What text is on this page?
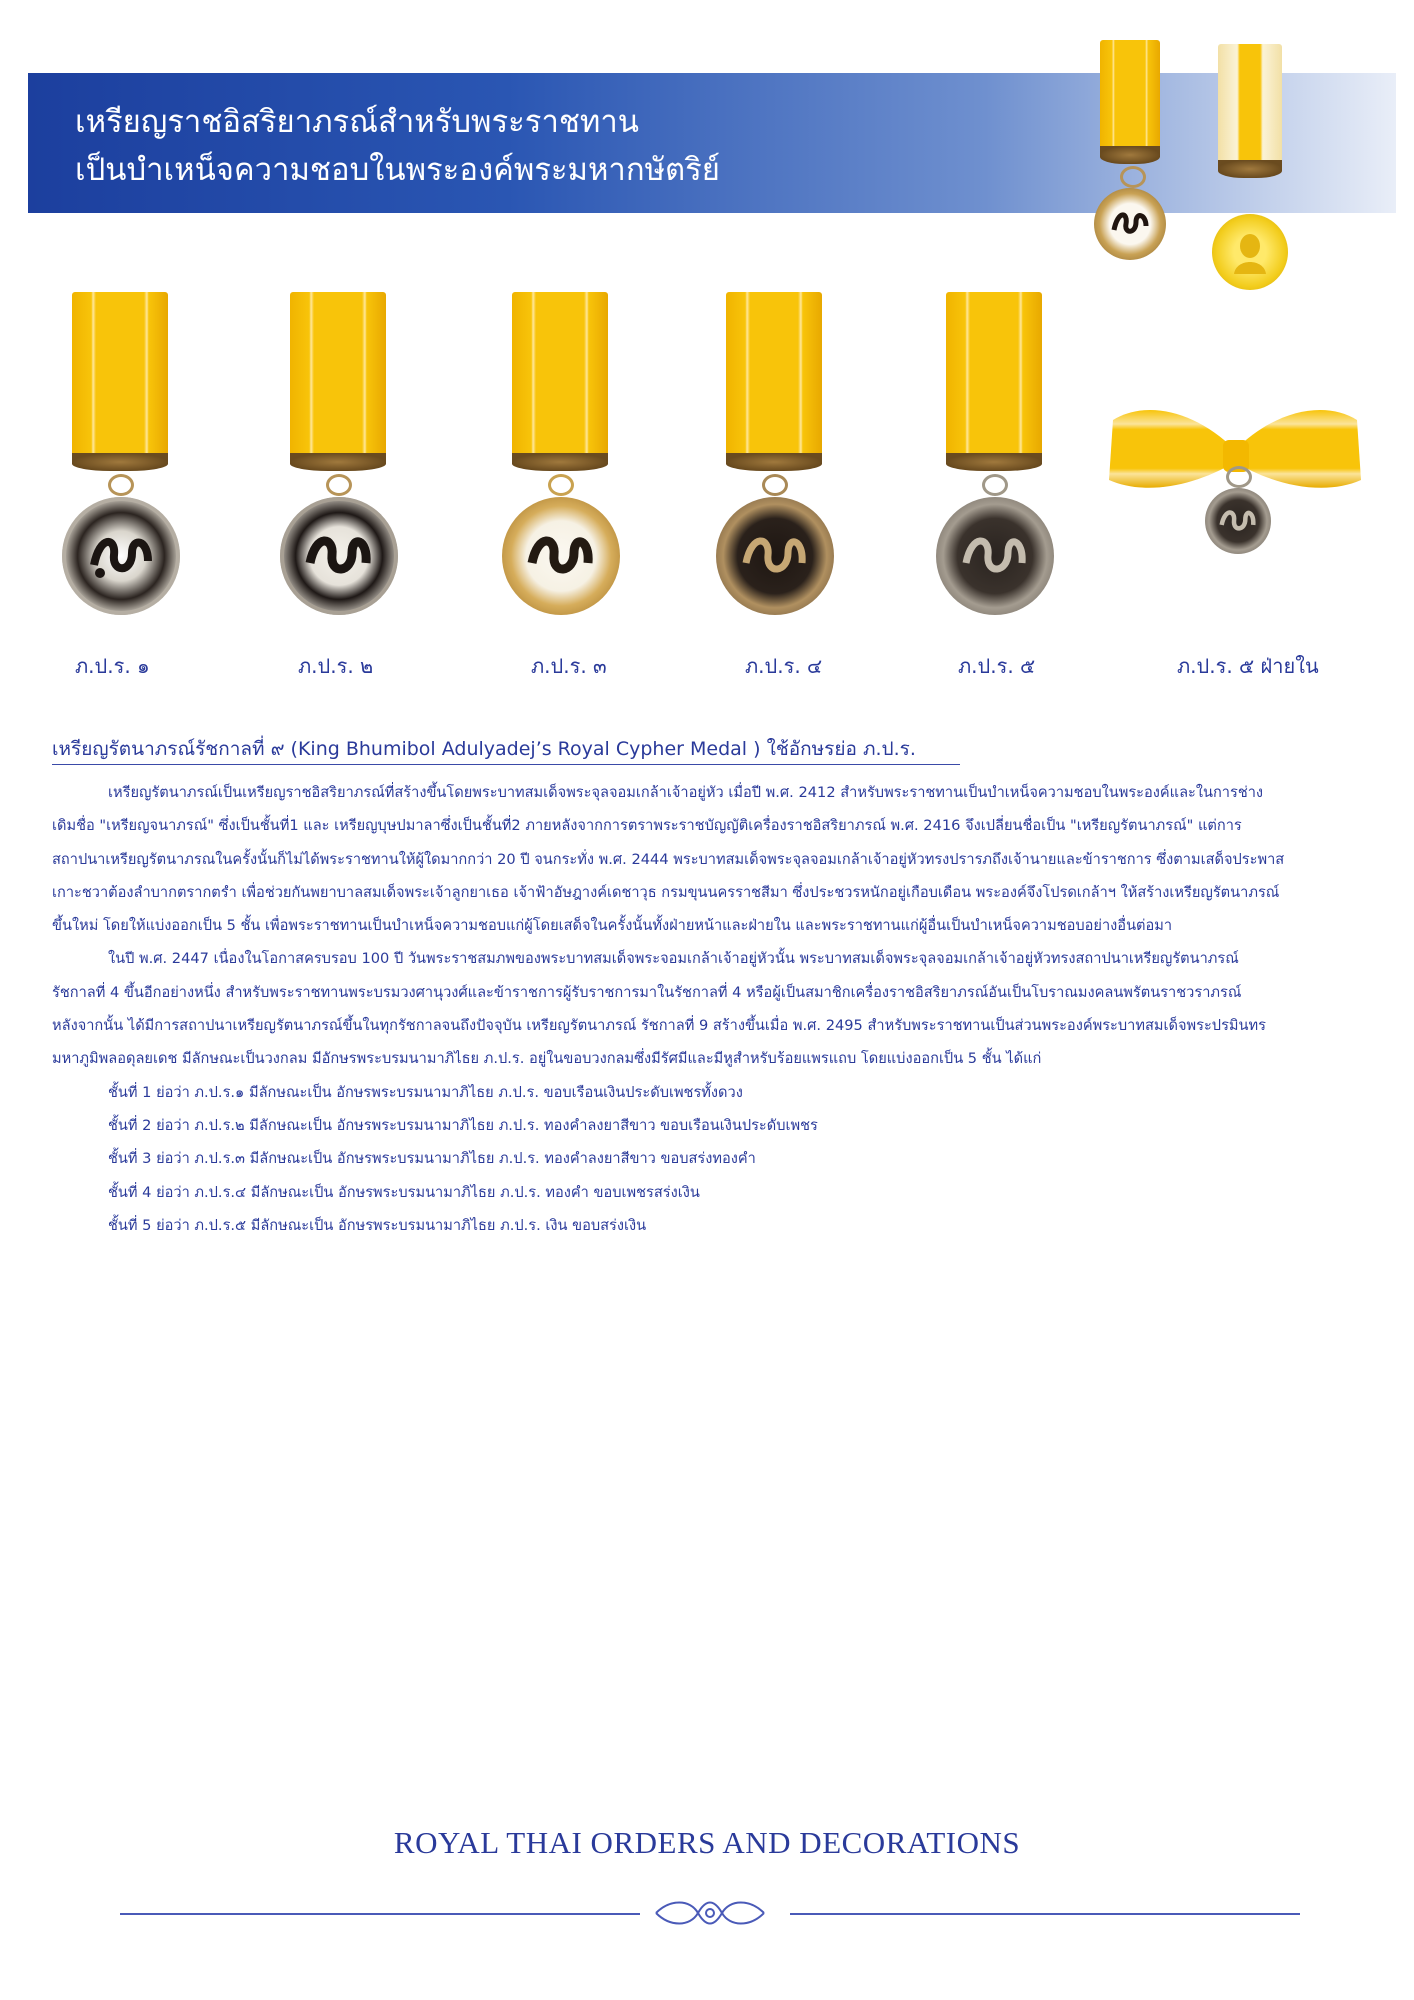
เหรียญราชอิสริยาภรณ์สำหรับพระราชทาน
เป็นบำเหน็จความชอบในพระองค์พระมหากษัตริย์
ภ.ป.ร. ๑	ภ.ป.ร. ๒	ภ.ป.ร. ๓	ภ.ป.ร. ๔	ภ.ป.ร. ๕	ภ.ป.ร. ๕ ฝ่ายใน
เหรียญรัตนาภรณ์รัชกาลที่ ๙ (King Bhumibol Adulyadej’s Royal Cypher Medal ) ใช้อักษรย่อ ภ.ป.ร.

เหรียญรัตนาภรณ์เป็นเหรียญราชอิสริยาภรณ์ที่สร้างขึ้นโดยพระบาทสมเด็จพระจุลจอมเกล้าเจ้าอยู่หัว เมื่อปี พ.ศ. 2412 สำหรับพระราชทานเป็นบำเหน็จความชอบในพระองค์และในการช่าง

เดิมชื่อ "เหรียญจนาภรณ์" ซึ่งเป็นชั้นที่1 และ เหรียญบุษปมาลาซึ่งเป็นชั้นที่2 ภายหลังจากการตราพระราชบัญญัติเครื่องราชอิสริยาภรณ์ พ.ศ. 2416 จึงเปลี่ยนชื่อเป็น "เหรียญรัตนาภรณ์" แต่การ

สถาปนาเหรียญรัตนาภรณในครั้งนั้นก็ไม่ได้พระราชทานให้ผู้ใดมากกว่า 20 ปี จนกระทั่ง พ.ศ. 2444 พระบาทสมเด็จพระจุลจอมเกล้าเจ้าอยู่หัวทรงปรารภถึงเจ้านายและข้าราชการ ซึ่งตามเสด็จประพาส

เกาะชวาต้องลำบากตรากตรำ เพื่อช่วยกันพยาบาลสมเด็จพระเจ้าลูกยาเธอ เจ้าฟ้าอัษฎางค์เดชาวุธ กรมขุนนครราชสีมา ซึ่งประชวรหนักอยู่เกือบเดือน พระองค์จึงโปรดเกล้าฯ ให้สร้างเหรียญรัตนาภรณ์

ขึ้นใหม่ โดยให้แบ่งออกเป็น 5 ชั้น เพื่อพระราชทานเป็นบำเหน็จความชอบแก่ผู้โดยเสด็จในครั้งนั้นทั้งฝ่ายหน้าและฝ่ายใน และพระราชทานแก่ผู้อื่นเป็นบำเหน็จความชอบอย่างอื่นต่อมา

ในปี พ.ศ. 2447 เนื่องในโอกาสครบรอบ 100 ปี วันพระราชสมภพของพระบาทสมเด็จพระจอมเกล้าเจ้าอยู่หัวนั้น พระบาทสมเด็จพระจุลจอมเกล้าเจ้าอยู่หัวทรงสถาปนาเหรียญรัตนาภรณ์

รัชกาลที่ 4 ขึ้นอีกอย่างหนึ่ง สำหรับพระราชทานพระบรมวงศานุวงศ์และข้าราชการผู้รับราชการมาในรัชกาลที่ 4 หรือผู้เป็นสมาชิกเครื่องราชอิสริยาภรณ์อันเป็นโบราณมงคลนพรัตนราชวราภรณ์

หลังจากนั้น ได้มีการสถาปนาเหรียญรัตนาภรณ์ขึ้นในทุกรัชกาลจนถึงปัจจุบัน เหรียญรัตนาภรณ์ รัชกาลที่ 9 สร้างขึ้นเมื่อ พ.ศ. 2495 สำหรับพระราชทานเป็นส่วนพระองค์พระบาทสมเด็จพระปรมินทร

มหาภูมิพลอดุลยเดช มีลักษณะเป็นวงกลม มีอักษรพระบรมนามาภิไธย ภ.ป.ร. อยู่ในขอบวงกลมซึ่งมีรัศมีและมีหูสำหรับร้อยแพรแถบ โดยแบ่งออกเป็น 5 ชั้น ได้แก่

ชั้นที่ 1 ย่อว่า ภ.ป.ร.๑ มีลักษณะเป็น อักษรพระบรมนามาภิไธย ภ.ป.ร. ขอบเรือนเงินประดับเพชรทั้งดวง

ชั้นที่ 2 ย่อว่า ภ.ป.ร.๒ มีลักษณะเป็น อักษรพระบรมนามาภิไธย ภ.ป.ร. ทองคำลงยาสีขาว ขอบเรือนเงินประดับเพชร

ชั้นที่ 3 ย่อว่า ภ.ป.ร.๓ มีลักษณะเป็น อักษรพระบรมนามาภิไธย ภ.ป.ร. ทองคำลงยาสีขาว ขอบสร่งทองคำ

ชั้นที่ 4 ย่อว่า ภ.ป.ร.๔ มีลักษณะเป็น อักษรพระบรมนามาภิไธย ภ.ป.ร. ทองคำ ขอบเพชรสร่งเงิน

ชั้นที่ 5 ย่อว่า ภ.ป.ร.๕ มีลักษณะเป็น อักษรพระบรมนามาภิไธย ภ.ป.ร. เงิน ขอบสร่งเงิน

ROYAL THAI ORDERS AND DECORATIONS
